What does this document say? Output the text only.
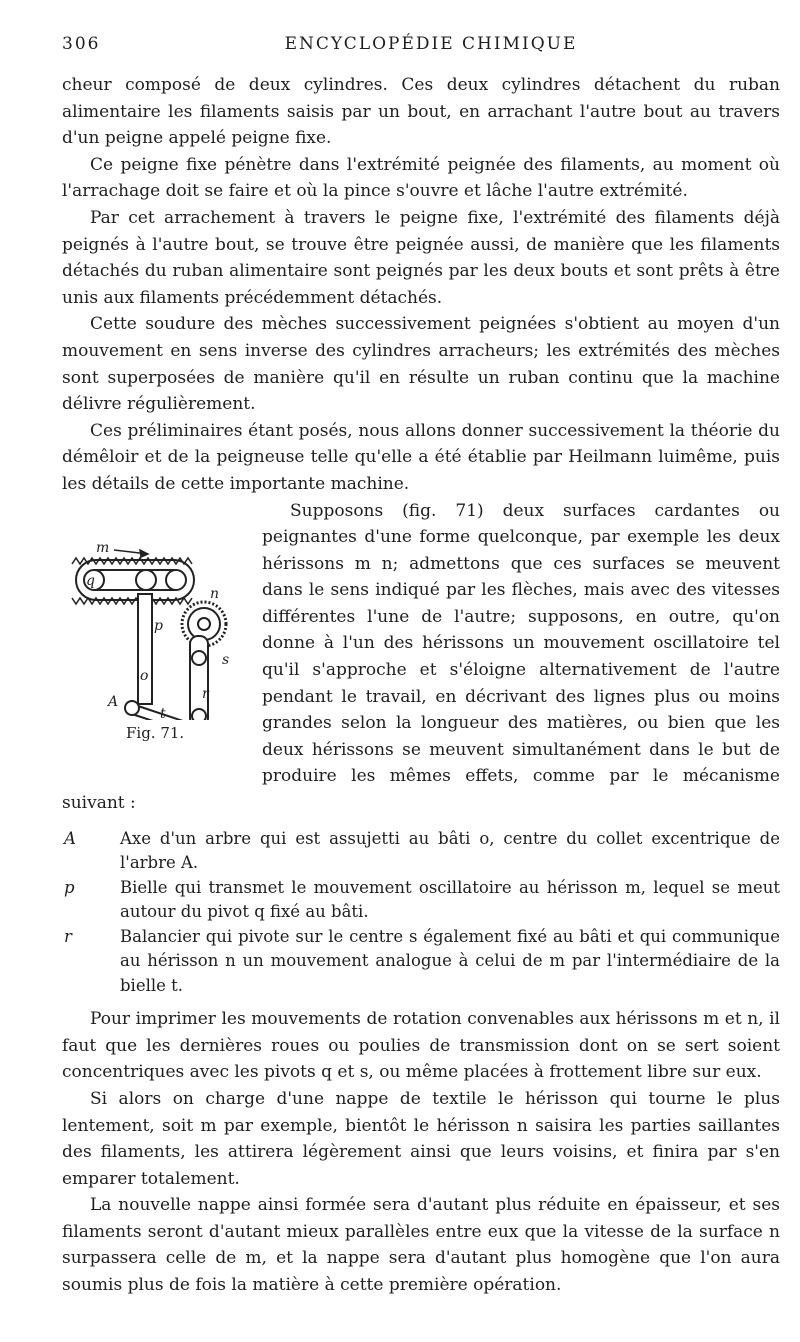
306	ENCYCLOPÉDIE CHIMIQUE

cheur composé de deux cylindres. Ces deux cylindres détachent du ruban alimentaire les filaments saisis par un bout, en arrachant l'autre bout au travers d'un peigne appelé peigne fixe.

Ce peigne fixe pénètre dans l'extrémité peignée des filaments, au moment où l'arrachage doit se faire et où la pince s'ouvre et lâche l'autre extrémité.

Par cet arrachement à travers le peigne fixe, l'extrémité des filaments déjà peignés à l'autre bout, se trouve être peignée aussi, de manière que les filaments détachés du ruban alimentaire sont peignés par les deux bouts et sont prêts à être unis aux filaments précédemment détachés.

Cette soudure des mèches successivement peignées s'obtient au moyen d'un mouvement en sens inverse des cylindres arracheurs; les extrémités des mèches sont superposées de manière qu'il en résulte un ruban continu que la machine délivre régulièrement.

Ces préliminaires étant posés, nous allons donner successivement la théorie du démêloir et de la peigneuse telle qu'elle a été établie par Heilmann luimême, puis les détails de cette importante machine.

m
n
q
p
o
s
r
A
t
Fig. 71.

Supposons (fig. 71) deux surfaces cardantes ou peignantes d'une forme quelconque, par exemple les deux hérissons m n; admettons que ces surfaces se meuvent dans le sens indiqué par les flèches, mais avec des vitesses différentes l'une de l'autre; supposons, en outre, qu'on donne à l'un des hérissons un mouvement oscillatoire tel qu'il s'approche et s'éloigne alternativement de l'autre pendant le travail, en décrivant des lignes plus ou moins grandes selon la longueur des matières, ou bien que les deux hérissons se meuvent simultanément dans le but de produire les mêmes effets, comme par le mécanisme suivant :

A	Axe d'un arbre qui est assujetti au bâti o, centre du collet excentrique de l'arbre A.
p	Bielle qui transmet le mouvement oscillatoire au hérisson m, lequel se meut autour du pivot q fixé au bâti.
r	Balancier qui pivote sur le centre s également fixé au bâti et qui communique au hérisson n un mouvement analogue à celui de m par l'intermédiaire de la bielle t.

Pour imprimer les mouvements de rotation convenables aux hérissons m et n, il faut que les dernières roues ou poulies de transmission dont on se sert soient concentriques avec les pivots q et s, ou même placées à frottement libre sur eux.

Si alors on charge d'une nappe de textile le hérisson qui tourne le plus lentement, soit m par exemple, bientôt le hérisson n saisira les parties saillantes des filaments, les attirera légèrement ainsi que leurs voisins, et finira par s'en emparer totalement.

La nouvelle nappe ainsi formée sera d'autant plus réduite en épaisseur, et ses filaments seront d'autant mieux parallèles entre eux que la vitesse de la surface n surpassera celle de m, et la nappe sera d'autant plus homogène que l'on aura soumis plus de fois la matière à cette première opération.
